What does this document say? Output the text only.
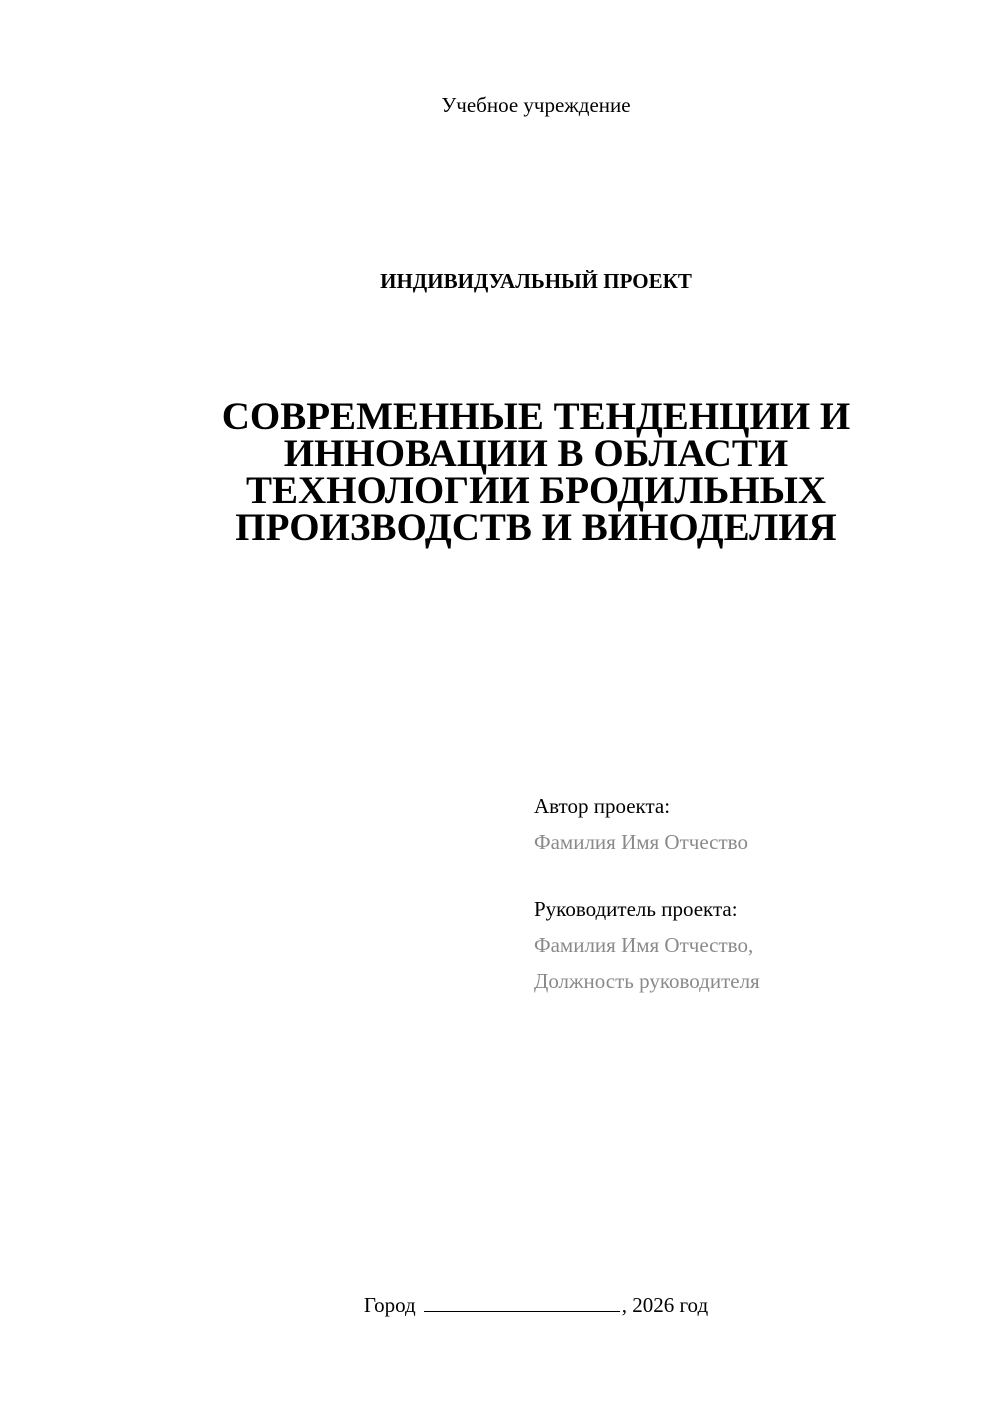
Учебное учреждение
ИНДИВИДУАЛЬНЫЙ ПРОЕКТ
СОВРЕМЕННЫЕ ТЕНДЕНЦИИ И
ИННОВАЦИИ В ОБЛАСТИ
ТЕХНОЛОГИИ БРОДИЛЬНЫХ
ПРОИЗВОДСТВ И ВИНОДЕЛИЯ
Автор проекта:
Фамилия Имя Отчество
Руководитель проекта:
Фамилия Имя Отчество,
Должность руководителя
Город	, 2026 год
